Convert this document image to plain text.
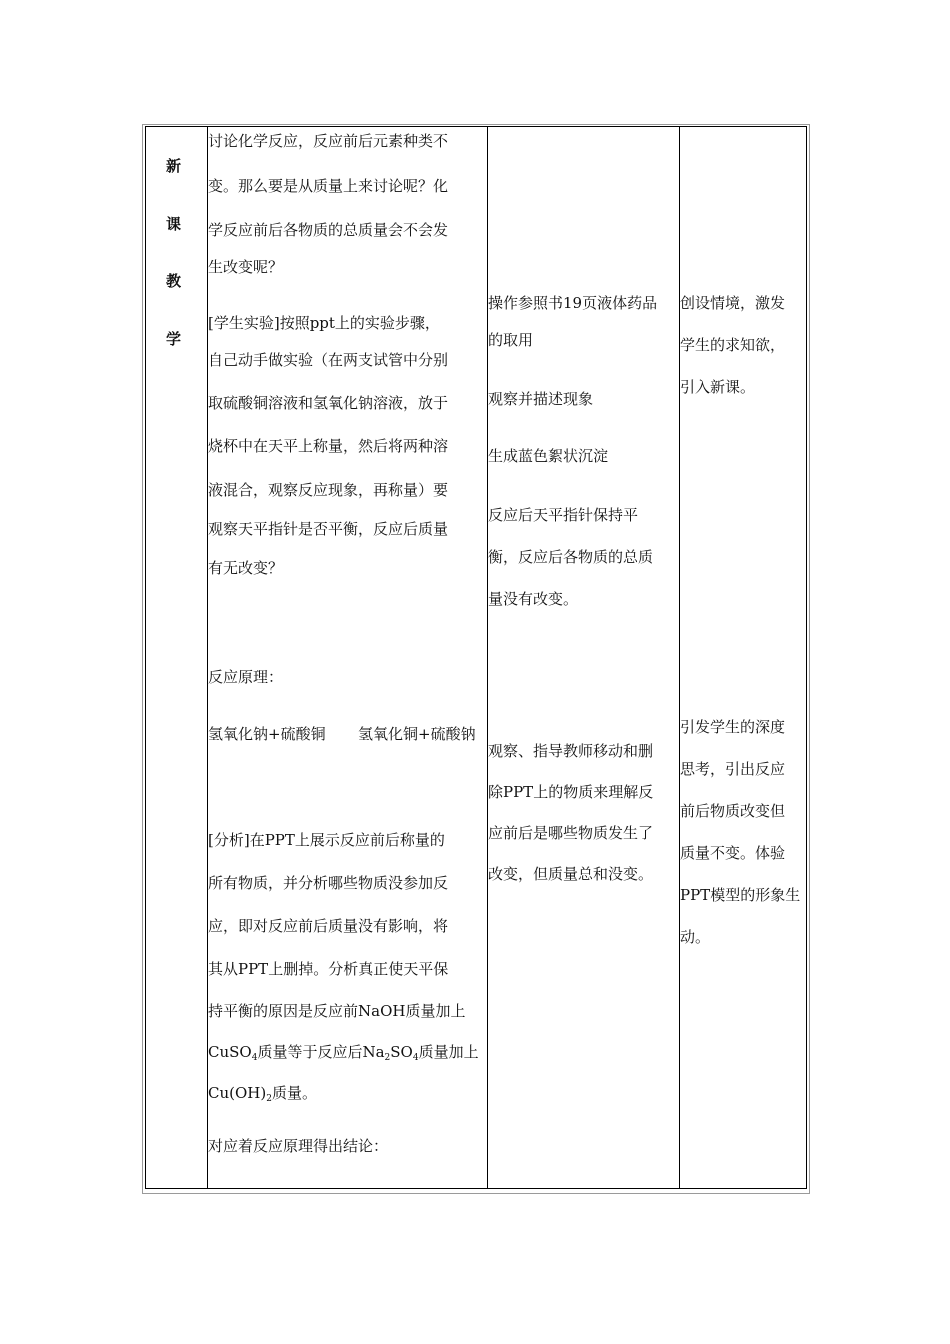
新
课
教
学
讨论化学反应，反应前后元素种类不
变。那么要是从质量上来讨论呢？化
学反应前后各物质的总质量会不会发
生改变呢？
[学生实验]按照ppt上的实验步骤，
自己动手做实验（在两支试管中分别
取硫酸铜溶液和氢氧化钠溶液，放于
烧杯中在天平上称量，然后将两种溶
液混合，观察反应现象，再称量）要
观察天平指针是否平衡，反应后质量
有无改变？
反应原理：
氢氧化钠+硫酸铜 氢氧化铜+硫酸钠
[分析]在PPT上展示反应前后称量的
所有物质，并分析哪些物质没参加反
应，即对反应前后质量没有影响，将
其从PPT上删掉。分析真正使天平保
持平衡的原因是反应前NaOH质量加上
CuSO$_4$质量等于反应后$Na_2SO_4$质量加上
$Cu(OH)_2$质量。
对应着反应原理得出结论：
操作参照书19页液体药品
的取用
观察并描述现象
生成蓝色絮状沉淀
反应后天平指针保持平
衡，反应后各物质的总质
量没有改变。
观察、指导教师移动和删
除PPT上的物质来理解反
应前后是哪些物质发生了
改变，但质量总和没变。
创设情境，激发
学生的求知欲，
引入新课。
引发学生的深度
思考，引出反应
前后物质改变但
质量不变。体验
PPT模型的形象生
动。
